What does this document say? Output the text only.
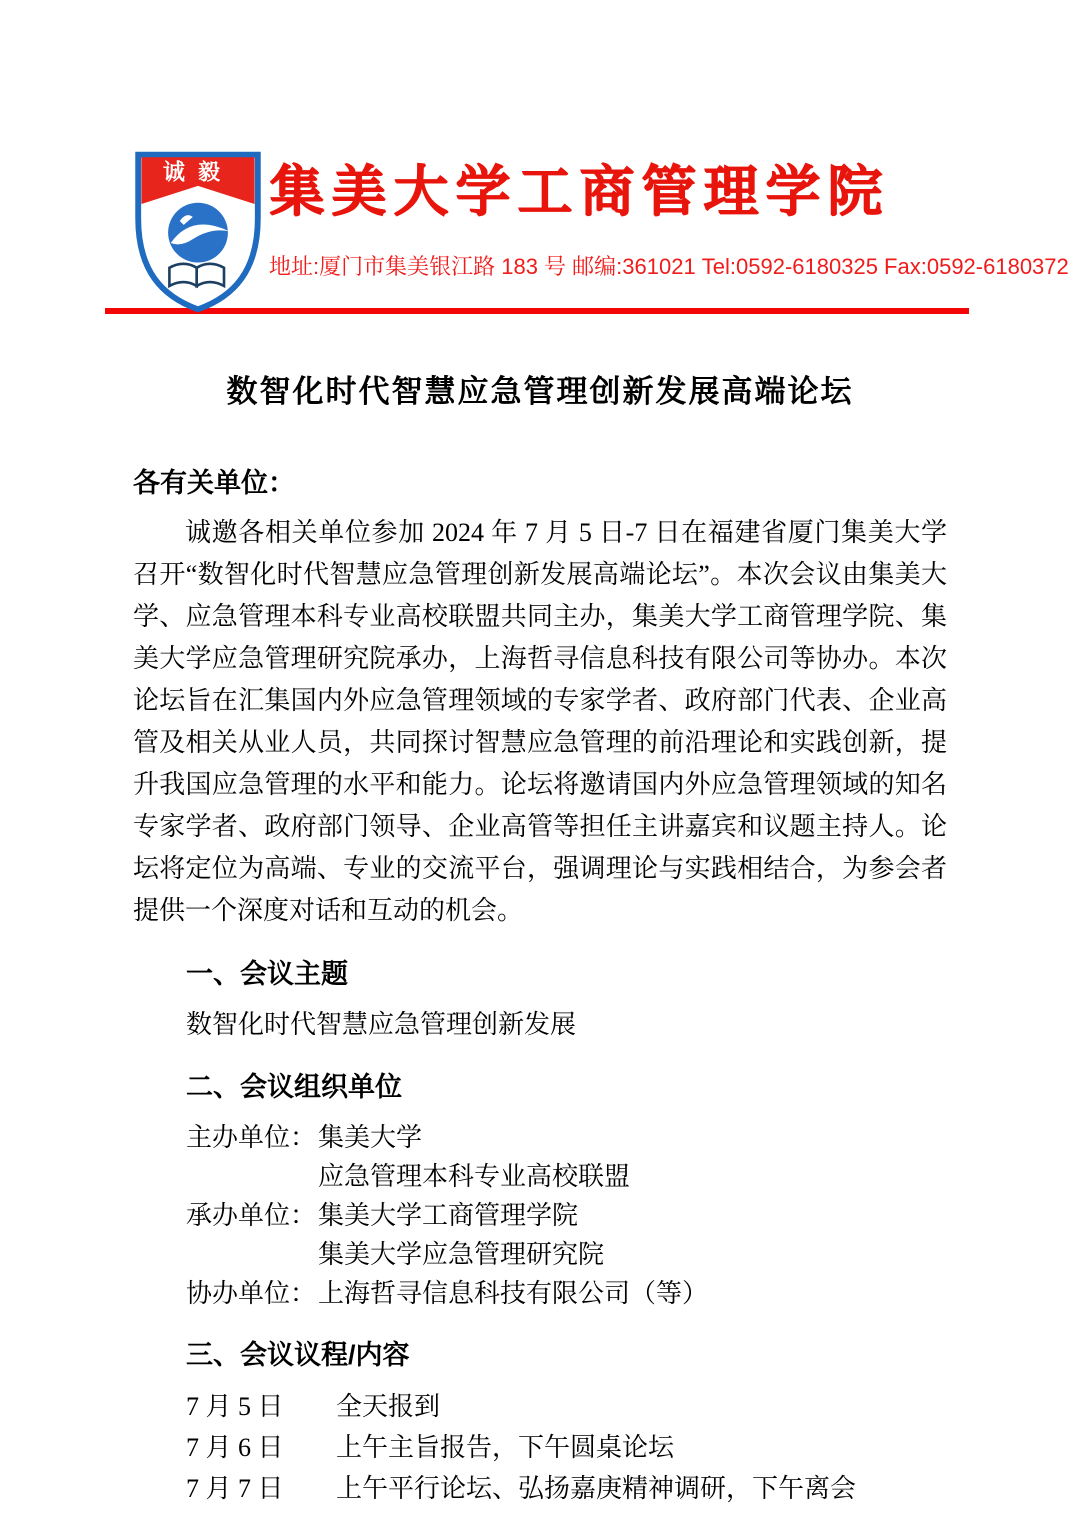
诚毅 集美大学工商管理学院
地址:厦门市集美银江路 183 号 邮编:361021 Tel:0592-6180325 Fax:0592-6180372
数智化时代智慧应急管理创新发展高端论坛

各有关单位：

诚邀各相关单位参加 2024 年 7 月 5 日-7 日在福建省厦门集美大学召开“数智化时代智慧应急管理创新发展高端论坛”。本次会议由集美大学、应急管理本科专业高校联盟共同主办，集美大学工商管理学院、集美大学应急管理研究院承办，上海哲寻信息科技有限公司等协办。本次论坛旨在汇集国内外应急管理领域的专家学者、政府部门代表、企业高管及相关从业人员，共同探讨智慧应急管理的前沿理论和实践创新，提升我国应急管理的水平和能力。论坛将邀请国内外应急管理领域的知名专家学者、政府部门领导、企业高管等担任主讲嘉宾和议题主持人。论坛将定位为高端、专业的交流平台，强调理论与实践相结合，为参会者提供一个深度对话和互动的机会。

一、会议主题
数智化时代智慧应急管理创新发展
二、会议组织单位
主办单位： 集美大学
应急管理本科专业高校联盟
承办单位： 集美大学工商管理学院
集美大学应急管理研究院
协办单位： 上海哲寻信息科技有限公司（等）
三、会议议程/内容
7 月 5 日	全天报到
7 月 6 日	上午主旨报告，下午圆桌论坛
7 月 7 日	上午平行论坛、弘扬嘉庚精神调研，下午离会
